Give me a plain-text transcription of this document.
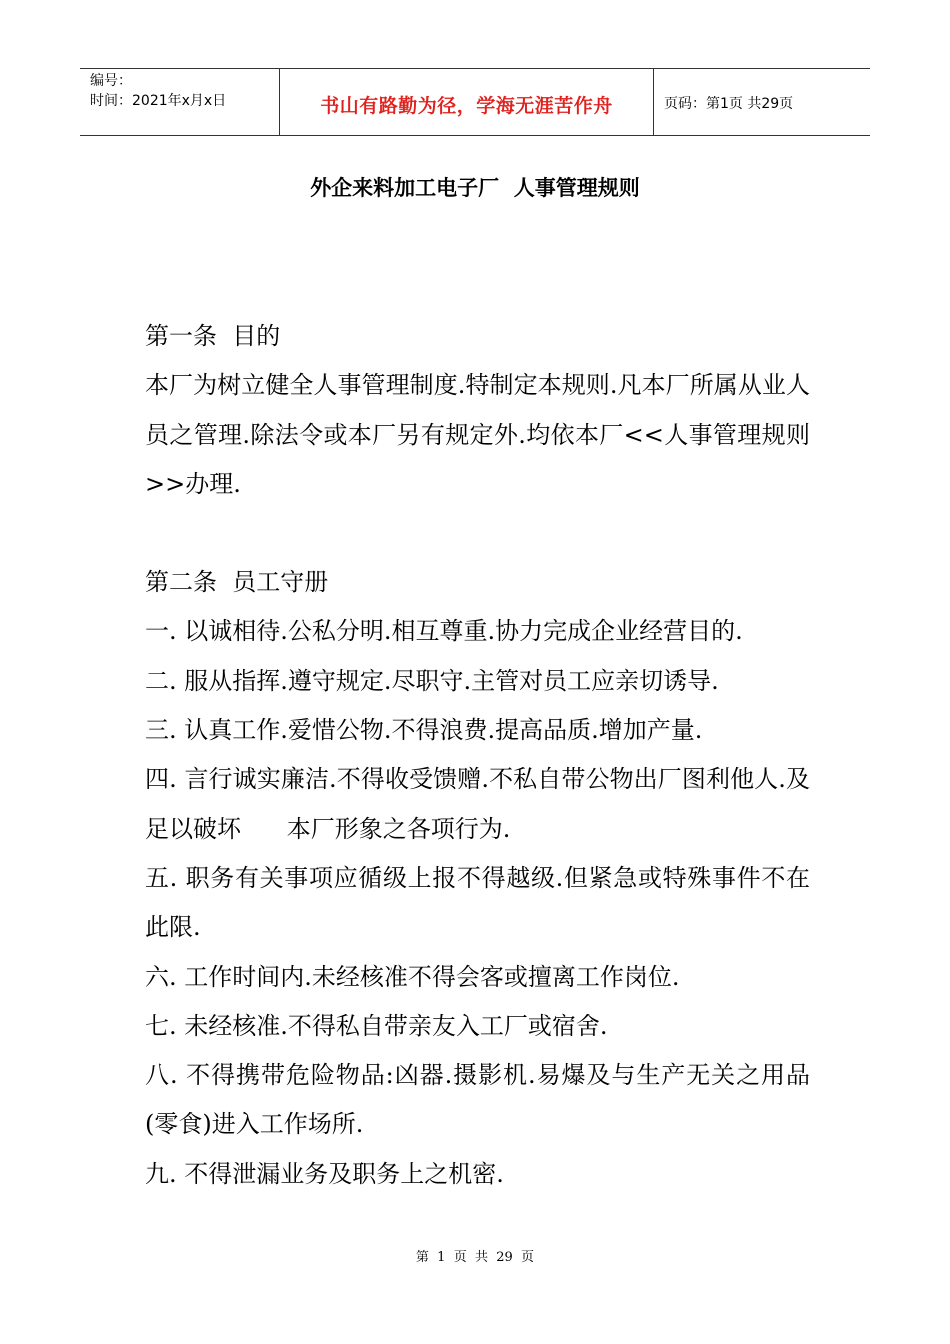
编号：
时间：2021年x月x日	书山有路勤为径，学海无涯苦作舟	页码：第1页 共29页
外企来料加工电子厂  人事管理规则

第一条  目的

本厂为树立健全人事管理制度.特制定本规则.凡本厂所属从业人员之管理.除法令或本厂另有规定外.均依本厂<<人事管理规则>>办理.

第二条  员工守册

一. 以诚相待.公私分明.相互尊重.协力完成企业经营目的.

二. 服从指挥.遵守规定.尽职守.主管对员工应亲切诱导.

三. 认真工作.爱惜公物.不得浪费.提高品质.增加产量.

四. 言行诚实廉洁.不得收受馈赠.不私自带公物出厂图利他人.及足以破坏      本厂形象之各项行为.

五. 职务有关事项应循级上报不得越级.但紧急或特殊事件不在此限.

六. 工作时间内.未经核准不得会客或擅离工作岗位.

七. 未经核准.不得私自带亲友入工厂或宿舍.

八. 不得携带危险物品:凶器.摄影机.易爆及与生产无关之用品(零食)进入工作场所.

九. 不得泄漏业务及职务上之机密.

第  1  页  共  29  页
